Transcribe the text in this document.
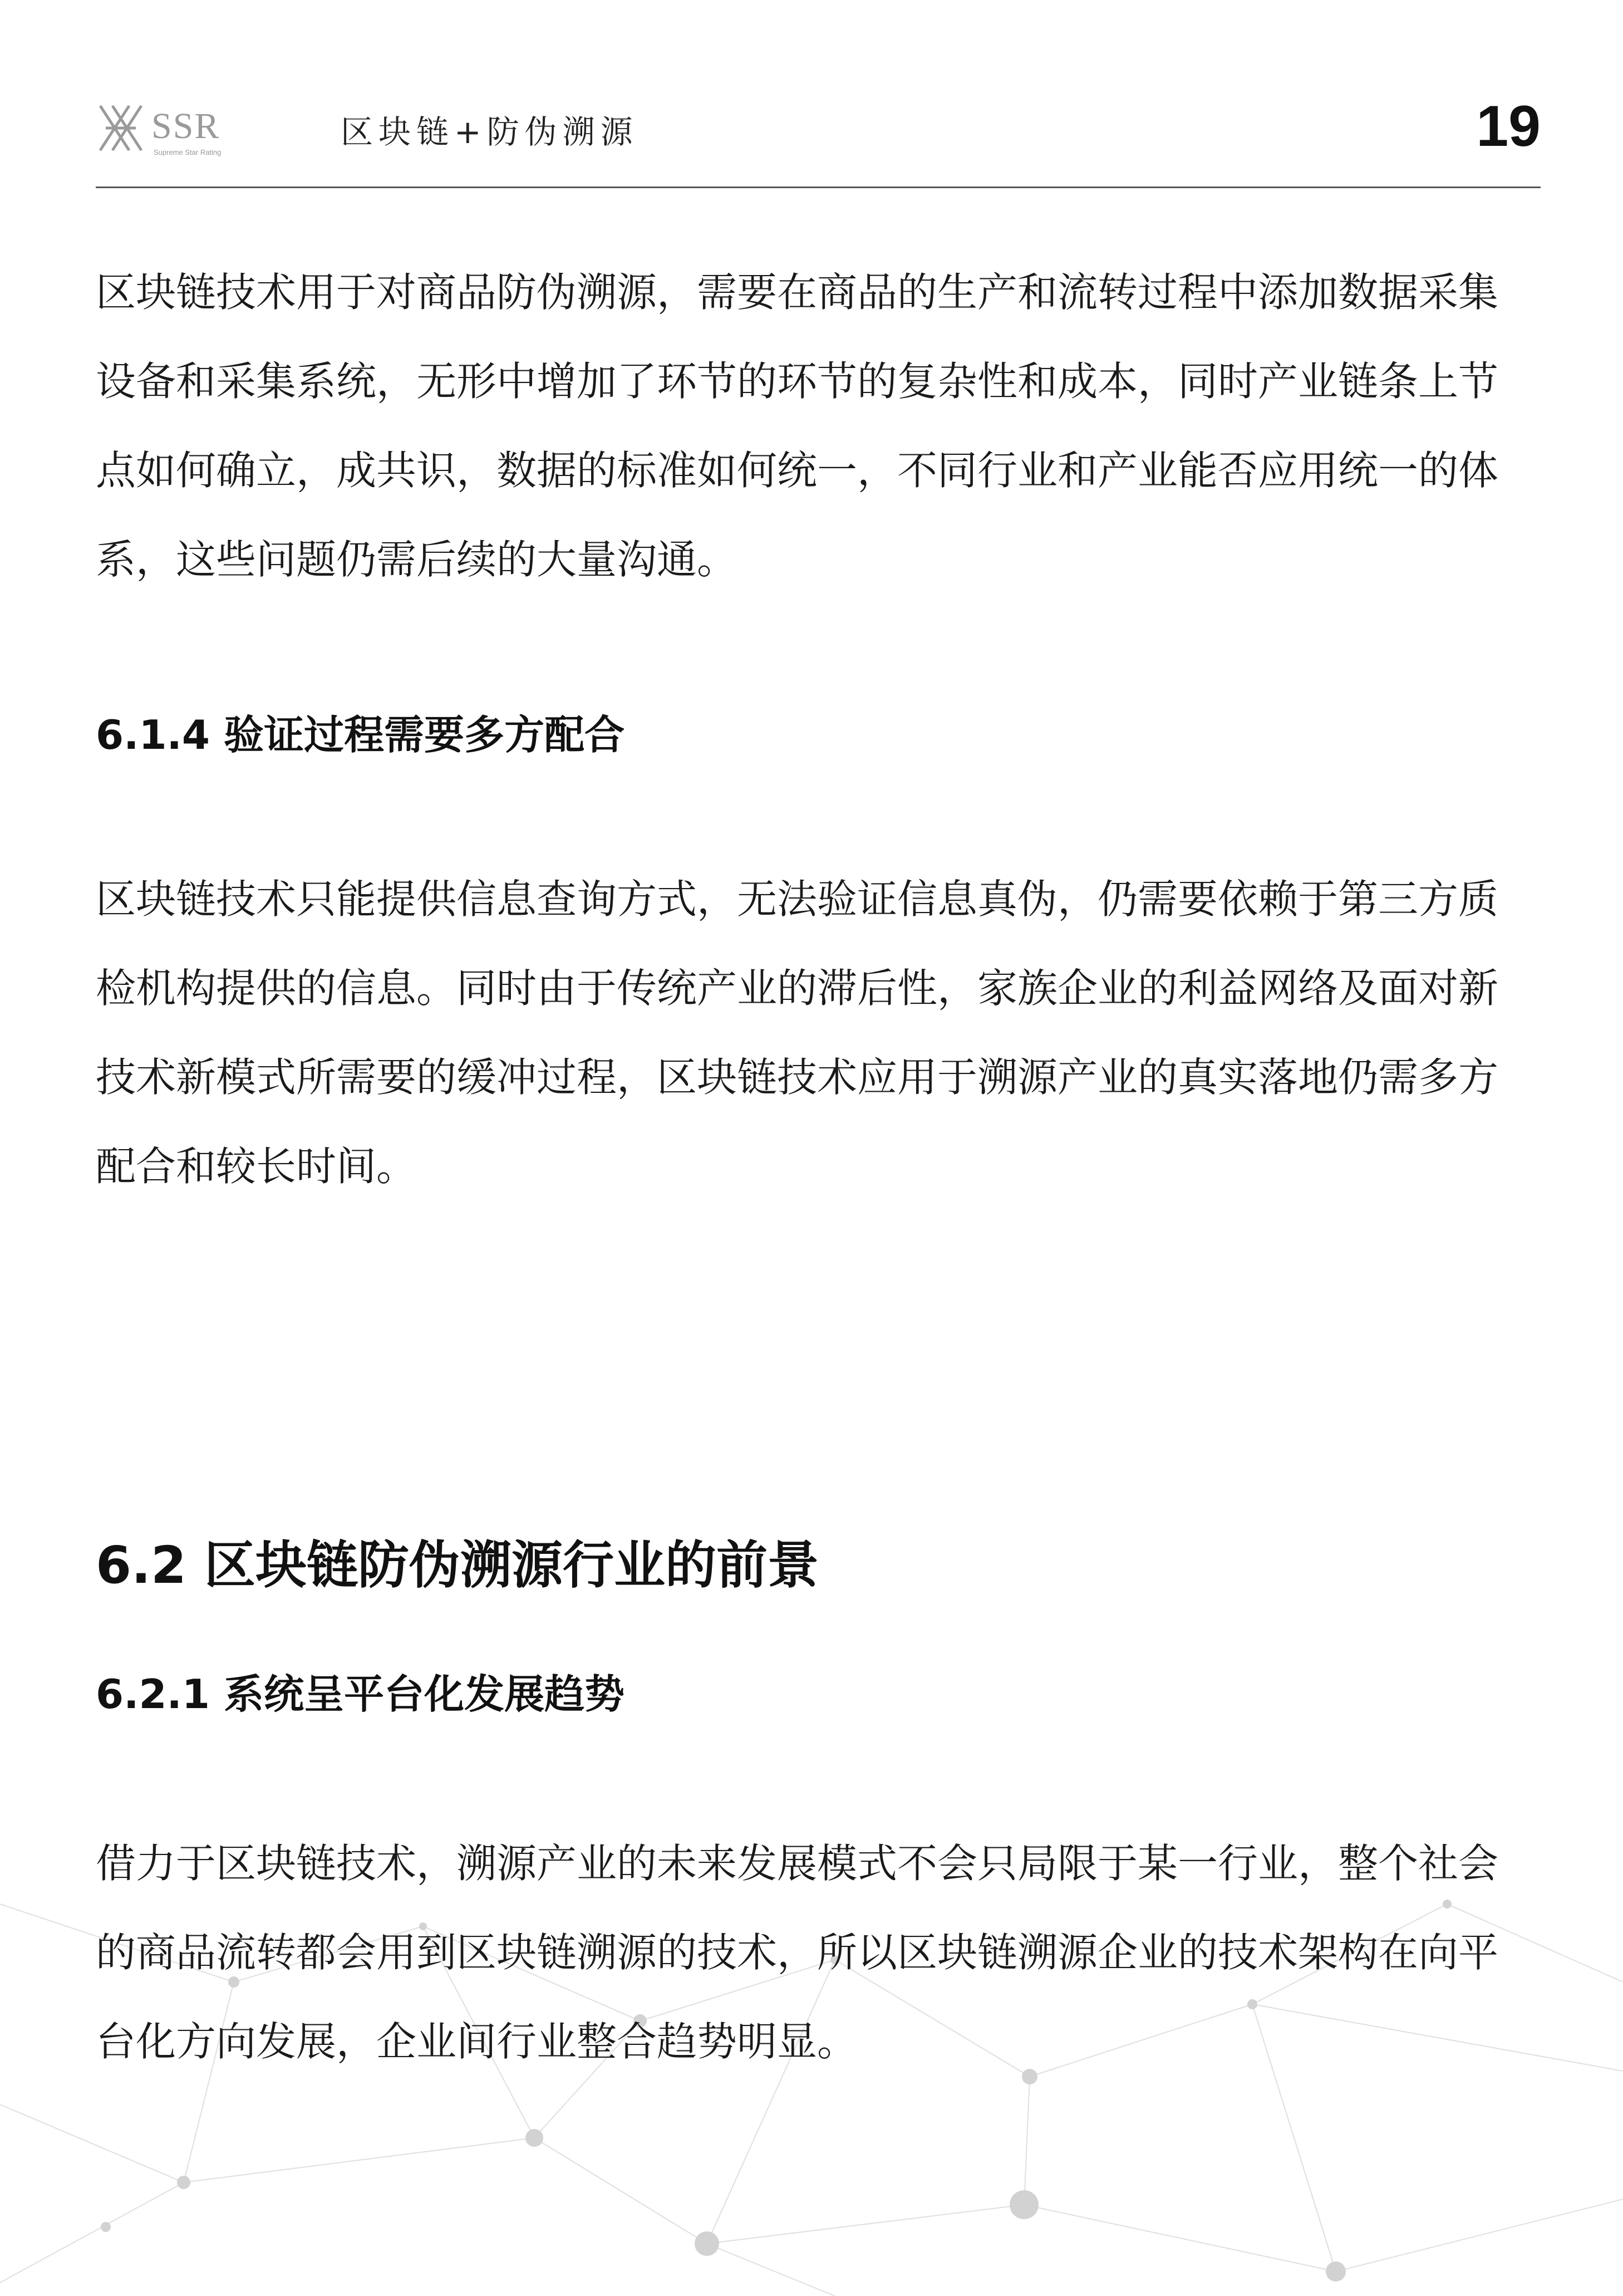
SSR
Supreme Star Rating
区块链+防伪溯源	19

区块链技术用于对商品防伪溯源，需要在商品的生产和流转过程中添加数据采集设备和采集系统，无形中增加了环节的环节的复杂性和成本，同时产业链条上节点如何确立，成共识，数据的标准如何统一，不同行业和产业能否应用统一的体系，这些问题仍需后续的大量沟通。

6.1.4 验证过程需要多方配合

区块链技术只能提供信息查询方式，无法验证信息真伪，仍需要依赖于第三方质检机构提供的信息。同时由于传统产业的滞后性，家族企业的利益网络及面对新技术新模式所需要的缓冲过程，区块链技术应用于溯源产业的真实落地仍需多方配合和较长时间。

6.2 区块链防伪溯源行业的前景
6.2.1 系统呈平台化发展趋势

借力于区块链技术，溯源产业的未来发展模式不会只局限于某一行业，整个社会的商品流转都会用到区块链溯源的技术，所以区块链溯源企业的技术架构在向平台化方向发展，企业间行业整合趋势明显。
